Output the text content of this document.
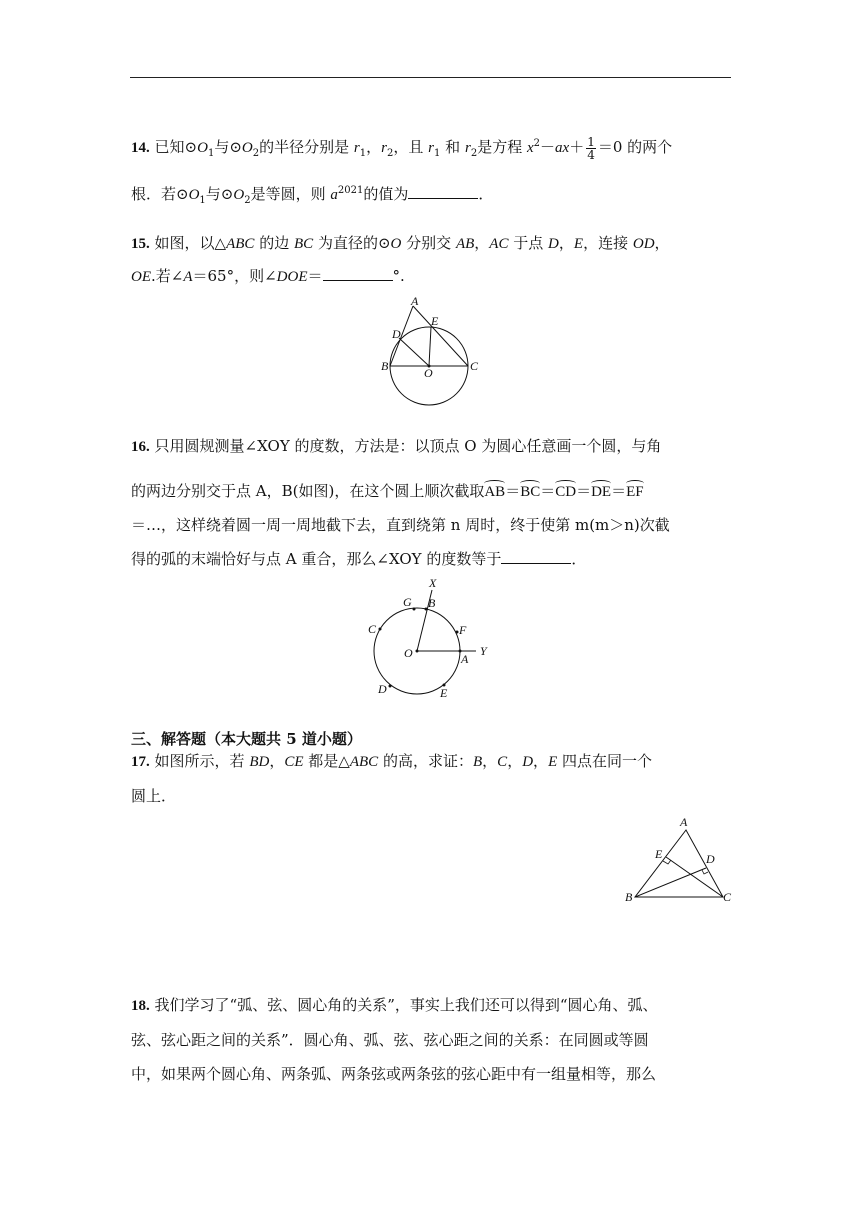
14. 已知$⊙O_1$与$⊙O_2$的半径分别是 $r_1$，$r_2$，且 $r_1$ 和 $r_2$是方程 $x^2-ax+ \frac{1}{4} =0$ 的两个
根．若$⊙O_1$与$⊙O_2$是等圆，则 $a^{2021}$的值为	．
15. 如图，以△ABC 的边 BC 为直径的⊙O 分别交 AB，AC 于点 D，E，连接 OD，
OE.若∠A＝65°，则∠DOE＝	°.
A
D
E
B	O	C
16. 只用圆规测量∠XOY 的度数，方法是：以顶点 O 为圆心任意画一个圆，与角
的两边分别交于点 A，B(如图)，在这个圆上顺次截取AB＝BC＝CD＝DE＝EF
＝…，这样绕着圆一周一周地截下去，直到绕第 n 周时，终于使第 m(m＞n)次截
得的弧的末端恰好与点 A 重合，那么∠XOY 的度数等于	．
X
G B
C	F
O	A
Y
D	E
三、解答题（本大题共 5 道小题）
17. 如图所示，若 BD，CE 都是△ABC 的高，求证：B，C，D，E 四点在同一个
圆上．
A
E	D
B	C
18. 我们学习了“弧、弦、圆心角的关系”，事实上我们还可以得到“圆心角、弧、
弦、弦心距之间的关系”．圆心角、弧、弦、弦心距之间的关系：在同圆或等圆
中，如果两个圆心角、两条弧、两条弦或两条弦的弦心距中有一组量相等，那么
